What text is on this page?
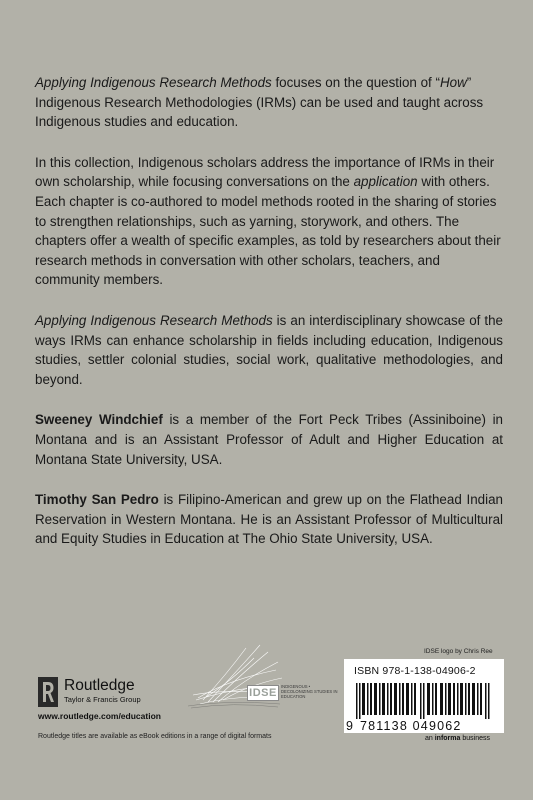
Applying Indigenous Research Methods focuses on the question of “How” Indigenous Research Methodologies (IRMs) can be used and taught across Indigenous studies and education.

In this collection, Indigenous scholars address the importance of IRMs in their own scholarship, while focusing conversations on the application with others. Each chapter is co-authored to model methods rooted in the sharing of stories to strengthen relationships, such as yarning, storywork, and others. The chapters offer a wealth of specific examples, as told by researchers about their research methods in conversation with other scholars, teachers, and community members.

Applying Indigenous Research Methods is an interdisciplinary showcase of the ways IRMs can enhance scholarship in fields including education, Indigenous studies, settler colonial studies, social work, qualitative methodologies, and beyond.

Sweeney Windchief is a member of the Fort Peck Tribes (Assiniboine) in Montana and is an Assistant Professor of Adult and Higher Education at Montana State University, USA.

Timothy San Pedro is Filipino-American and grew up on the Flathead Indian Reservation in Western Montana. He is an Assistant Professor of Multicultural and Equity Studies in Education at The Ohio State University, USA.

IDSE logo by Chris Ree
ISBN 978-1-138-04906-2
9 781138 049062
an informa business
Routledge
Taylor & Francis Group
www.routledge.com/education
IDSE
INDIGENOUS • DECOLONIZING STUDIES IN EDUCATION
Routledge titles are available as eBook editions in a range of digital formats
